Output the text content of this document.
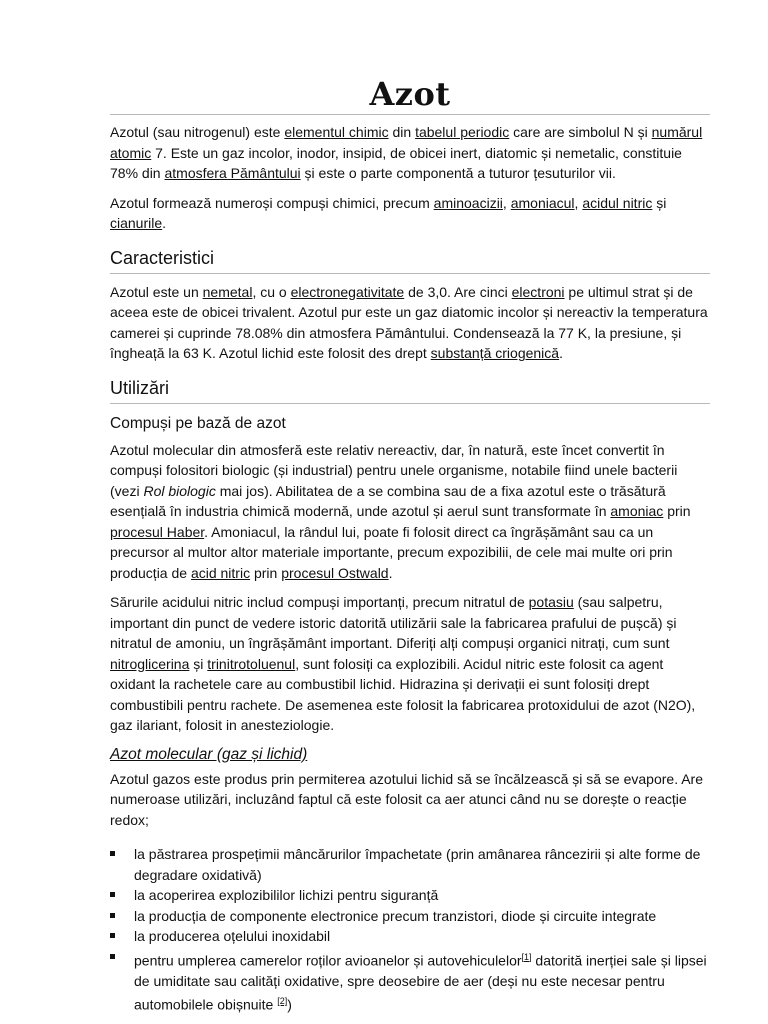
Azot

Azotul (sau nitrogenul) este elementul chimic din tabelul periodic care are simbolul N și numărul atomic 7. Este un gaz incolor, inodor, insipid, de obicei inert, diatomic și nemetalic, constituie 78% din atmosfera Pământului și este o parte componentă a tuturor țesuturilor vii.

Azotul formează numeroși compuși chimici, precum aminoacizii, amoniacul, acidul nitric și cianurile.

Caracteristici

Azotul este un nemetal, cu o electronegativitate de 3,0. Are cinci electroni pe ultimul strat și de aceea este de obicei trivalent. Azotul pur este un gaz diatomic incolor și nereactiv la temperatura camerei și cuprinde 78.08% din atmosfera Pământului. Condensează la 77 K, la presiune, și îngheață la 63 K. Azotul lichid este folosit des drept substanță criogenică.

Utilizări
Compuși pe bază de azot

Azotul molecular din atmosferă este relativ nereactiv, dar, în natură, este încet convertit în compuși folositori biologic (și industrial) pentru unele organisme, notabile fiind unele bacterii (vezi Rol biologic mai jos). Abilitatea de a se combina sau de a fixa azotul este o trăsătură esențială în industria chimică modernă, unde azotul și aerul sunt transformate în amoniac prin procesul Haber. Amoniacul, la rândul lui, poate fi folosit direct ca îngrășământ sau ca un precursor al multor altor materiale importante, precum expozibilii, de cele mai multe ori prin producția de acid nitric prin procesul Ostwald.

Sărurile acidului nitric includ compuși importanți, precum nitratul de potasiu (sau salpetru, important din punct de vedere istoric datorită utilizării sale la fabricarea prafului de pușcă) și nitratul de amoniu, un îngrășământ important. Diferiți alți compuși organici nitrați, cum sunt nitroglicerina și trinitrotoluenul, sunt folosiți ca explozibili. Acidul nitric este folosit ca agent oxidant la rachetele care au combustibil lichid. Hidrazina și derivații ei sunt folosiți drept combustibili pentru rachete. De asemenea este folosit la fabricarea protoxidului de azot (N2O), gaz ilariant, folosit in anesteziologie.

Azot molecular (gaz și lichid)

Azotul gazos este produs prin permiterea azotului lichid să se încălzească și să se evapore. Are numeroase utilizări, incluzând faptul că este folosit ca aer atunci când nu se dorește o reacție redox;

la păstrarea prospețimii mâncărurilor împachetate (prin amânarea râncezirii și alte forme de degradare oxidativă)
la acoperirea explozibililor lichizi pentru siguranță
la producția de componente electronice precum tranzistori, diode și circuite integrate
la producerea oțelului inoxidabil
pentru umplerea camerelor roților avioanelor și autovehiculelor[1] datorită inerției sale și lipsei de umiditate sau calități oxidative, spre deosebire de aer (deși nu este necesar pentru automobilele obișnuite [2])
